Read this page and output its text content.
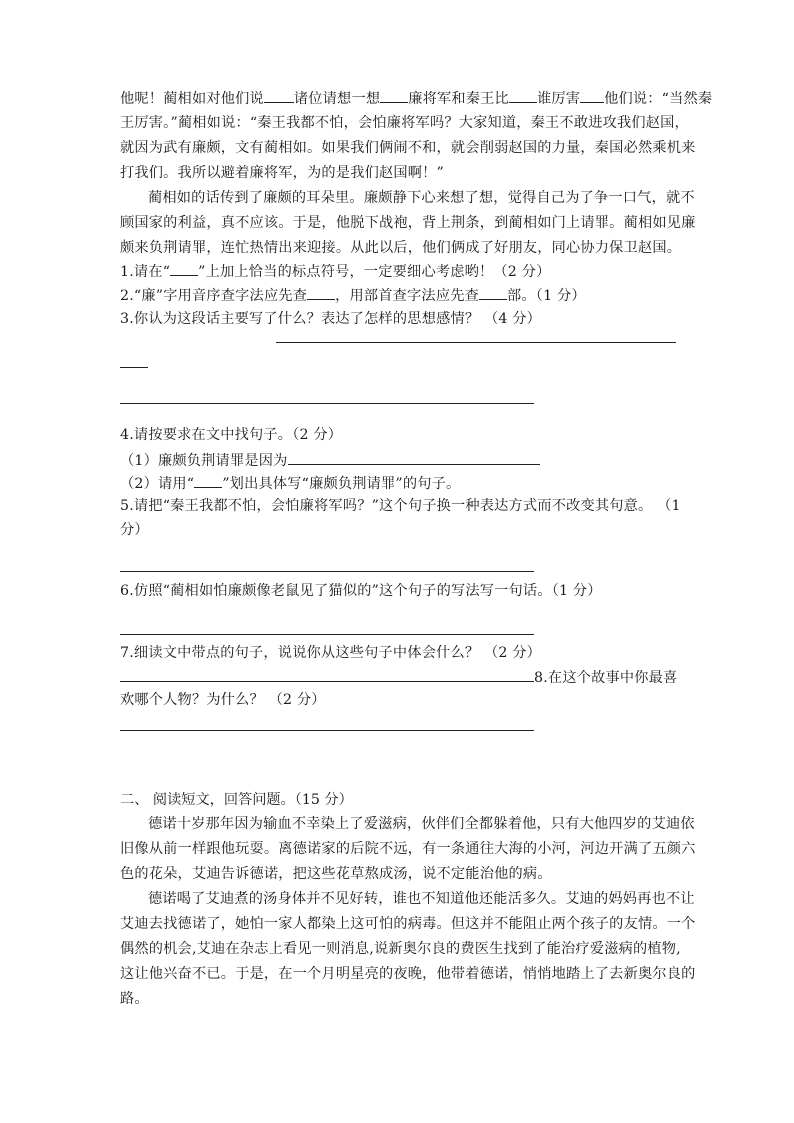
他呢！蔺相如对他们说 诸位请想一想 廉将军和秦王比 谁厉害 他们说：“当然秦
王厉害。”蔺相如说：“秦王我都不怕，会怕廉将军吗？大家知道，秦王不敢进攻我们赵国，
就因为武有廉颇，文有蔺相如。如果我们俩闹不和，就会削弱赵国的力量，秦国必然乘机来
打我们。我所以避着廉将军，为的是我们赵国啊！”
蔺相如的话传到了廉颇的耳朵里。廉颇静下心来想了想，觉得自己为了争一口气，就不
顾国家的利益，真不应该。于是，他脱下战袍，背上荆条，到蔺相如门上请罪。蔺相如见廉
颇来负荆请罪，连忙热情出来迎接。从此以后，他们俩成了好朋友，同心协力保卫赵国。
1.请在“ ”上加上恰当的标点符号，一定要细心考虑哟！（2 分）
2.“廉”字用音序查字法应先查 ，用部首查字法应先查 部。（1 分）
3.你认为这段话主要写了什么？表达了怎样的思想感情？ （4 分）
4.请按要求在文中找句子。（2 分）
（1）廉颇负荆请罪是因为
（2）请用“ ”划出具体写“廉颇负荆请罪”的句子。
5.请把“秦王我都不怕，会怕廉将军吗？”这个句子换一种表达方式而不改变其句意。 （1
分）
6.仿照“蔺相如怕廉颇像老鼠见了猫似的”这个句子的写法写一句话。（1 分）
7.细读文中带点的句子，说说你从这些句子中体会什么？ （2 分）
8.在这个故事中你最喜
欢哪个人物？为什么？ （2 分）
二、 阅读短文，回答问题。（15 分）
德诺十岁那年因为输血不幸染上了爱滋病，伙伴们全都躲着他，只有大他四岁的艾迪依
旧像从前一样跟他玩耍。离德诺家的后院不远，有一条通往大海的小河，河边开满了五颜六
色的花朵，艾迪告诉德诺，把这些花草熬成汤，说不定能治他的病。
德诺喝了艾迪煮的汤身体并不见好转，谁也不知道他还能活多久。艾迪的妈妈再也不让
艾迪去找德诺了，她怕一家人都染上这可怕的病毒。但这并不能阻止两个孩子的友情。一个
偶然的机会,艾迪在杂志上看见一则消息,说新奥尔良的费医生找到了能治疗爱滋病的植物,
这让他兴奋不已。于是，在一个月明星亮的夜晚，他带着德诺，悄悄地踏上了去新奥尔良的
路。
